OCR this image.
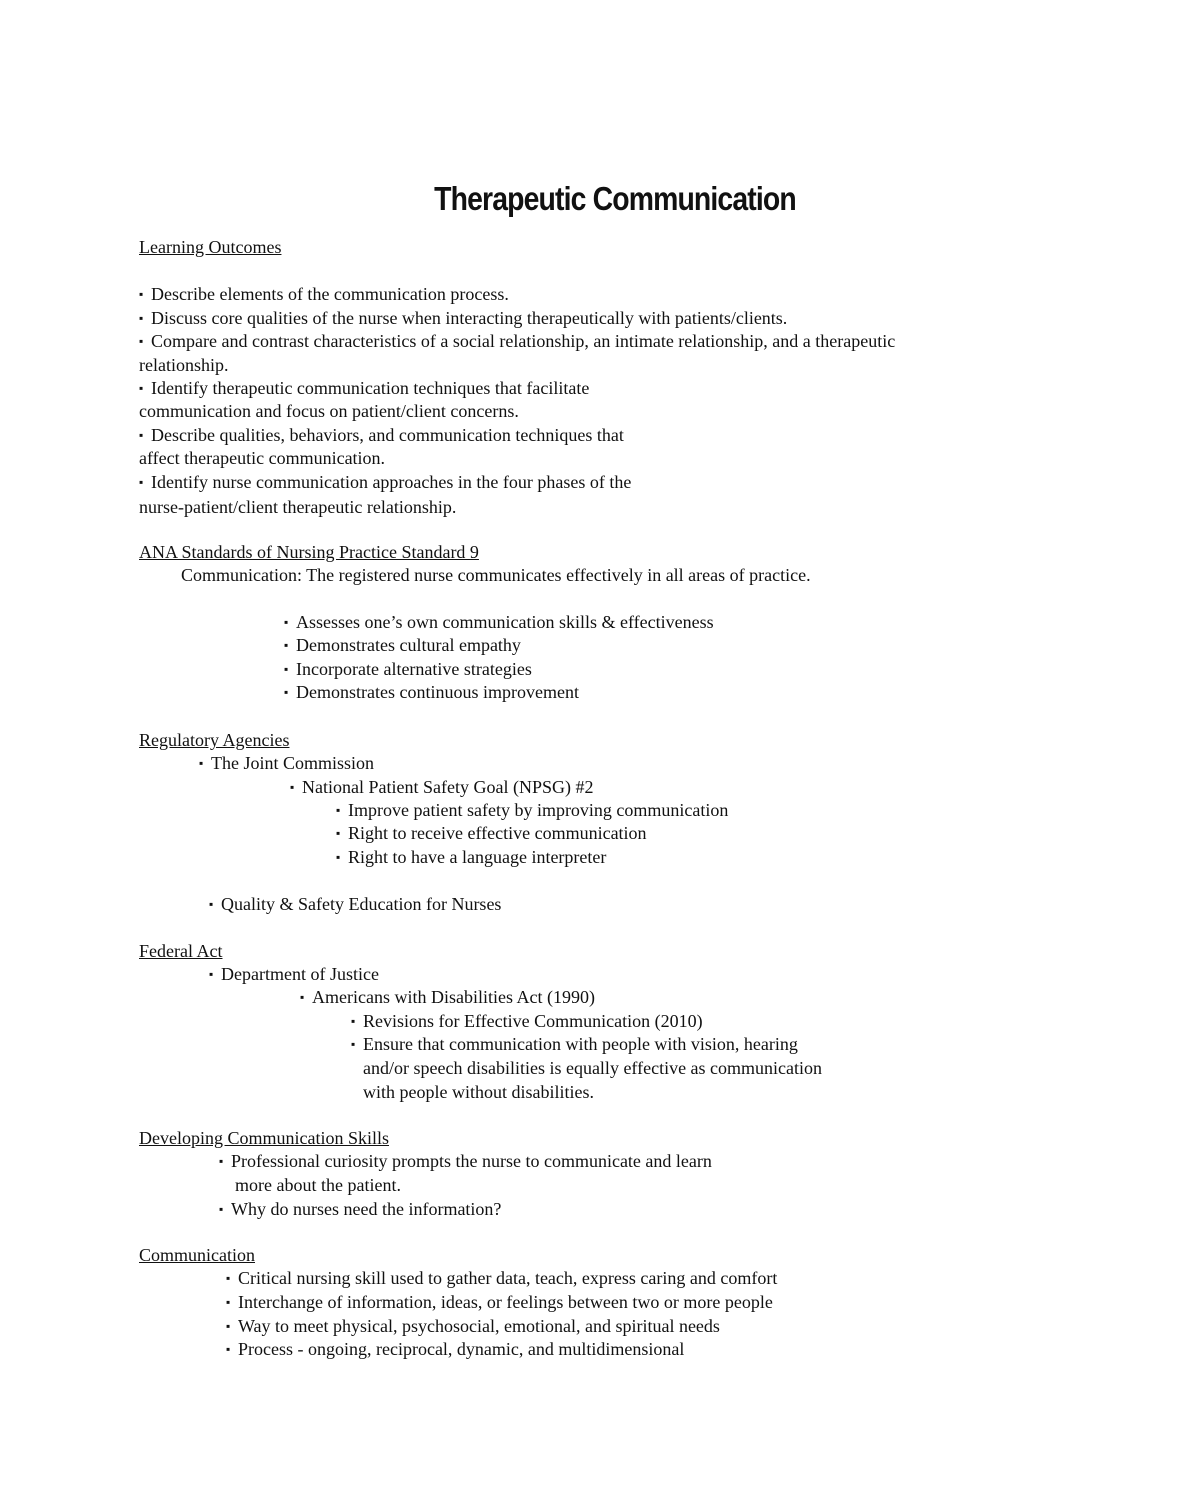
Therapeutic Communication
Learning Outcomes
▪Describe elements of the communication process.
▪Discuss core qualities of the nurse when interacting therapeutically with patients/clients.
▪Compare and contrast characteristics of a social relationship, an intimate relationship, and a therapeutic
relationship.
▪Identify therapeutic communication techniques that facilitate
communication and focus on patient/client concerns.
▪Describe qualities, behaviors, and communication techniques that
affect therapeutic communication.
▪Identify nurse communication approaches in the four phases of the
nurse-patient/client therapeutic relationship.
ANA Standards of Nursing Practice Standard 9
Communication: The registered nurse communicates effectively in all areas of practice.
▪Assesses one’s own communication skills & effectiveness
▪Demonstrates cultural empathy
▪Incorporate alternative strategies
▪Demonstrates continuous improvement
Regulatory Agencies
▪The Joint Commission
▪National Patient Safety Goal (NPSG) #2
▪Improve patient safety by improving communication
▪Right to receive effective communication
▪Right to have a language interpreter
▪Quality & Safety Education for Nurses
Federal Act
▪Department of Justice
▪Americans with Disabilities Act (1990)
▪Revisions for Effective Communication (2010)
▪Ensure that communication with people with vision, hearing
and/or speech disabilities is equally effective as communication
with people without disabilities.
Developing Communication Skills
▪Professional curiosity prompts the nurse to communicate and learn
more about the patient.
▪Why do nurses need the information?
Communication
▪Critical nursing skill used to gather data, teach, express caring and comfort
▪Interchange of information, ideas, or feelings between two or more people
▪Way to meet physical, psychosocial, emotional, and spiritual needs
▪Process - ongoing, reciprocal, dynamic, and multidimensional
